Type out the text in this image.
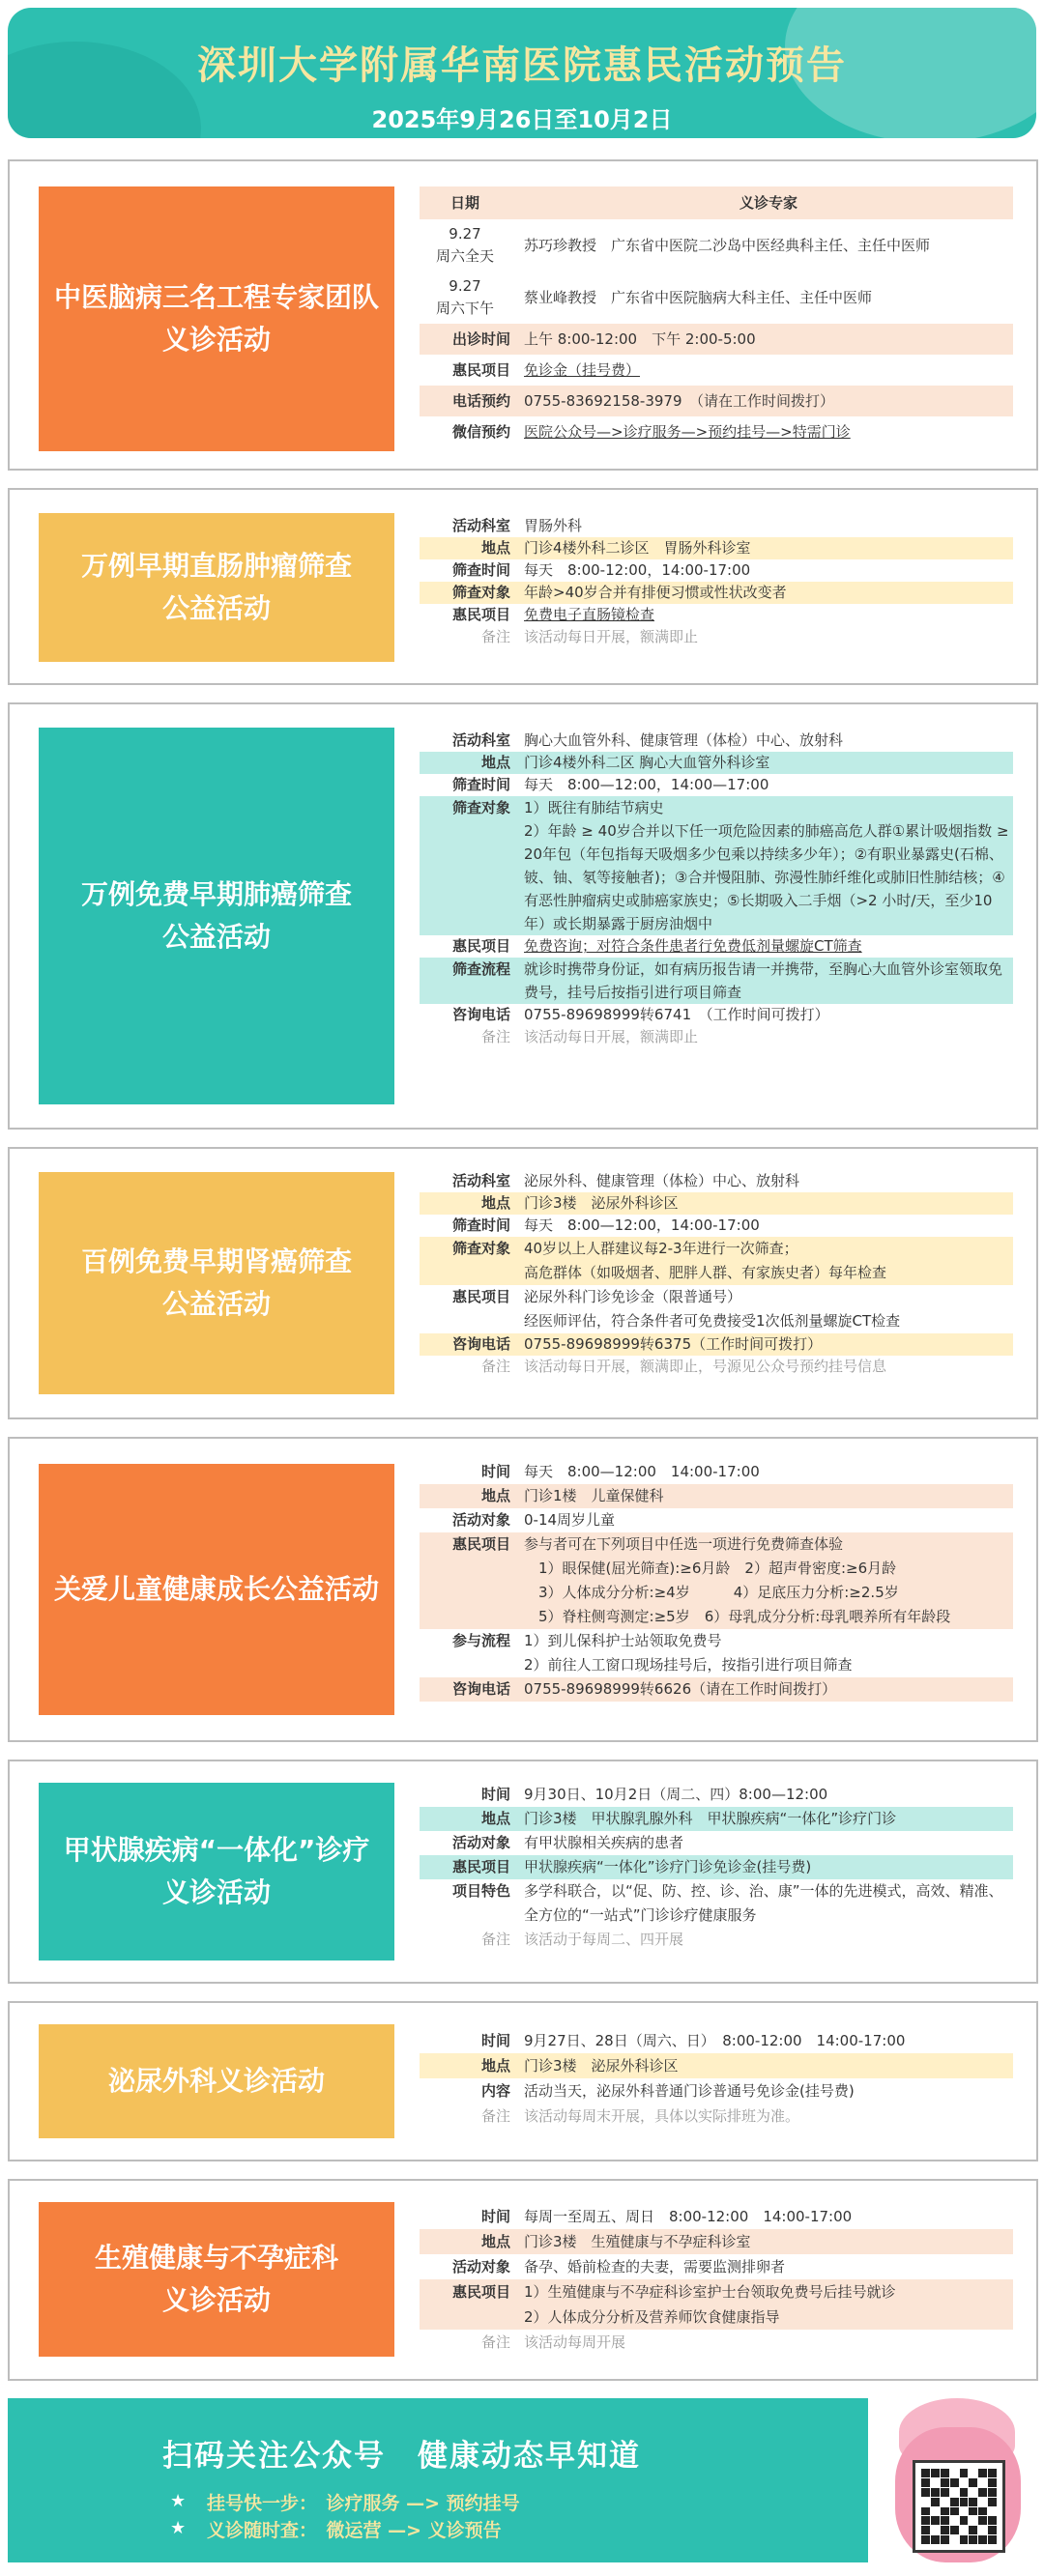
深圳大学附属华南医院惠民活动预告
2025年9月26日至10月2日
中医脑病三名工程专家团队
义诊活动
日期	义诊专家
9.27
周六全天
苏巧珍教授　广东省中医院二沙岛中医经典科主任、主任中医师
9.27
周六下午
蔡业峰教授　广东省中医院脑病大科主任、主任中医师
出诊时间 上午 8:00-12:00　下午 2:00-5:00
惠民项目 免诊金（挂号费）
电话预约 0755-83692158-3979　（请在工作时间拨打）
微信预约 医院公众号—>诊疗服务—>预约挂号—>特需门诊
万例早期直肠肿瘤筛查
公益活动
活动科室 胃肠外科
地点 门诊4楼外科二诊区　胃肠外科诊室
筛查时间 每天　8:00-12:00，14:00-17:00
筛查对象 年龄>40岁合并有排便习惯或性状改变者
惠民项目 免费电子直肠镜检查
备注 该活动每日开展，额满即止
万例免费早期肺癌筛查
公益活动
活动科室 胸心大血管外科、健康管理（体检）中心、放射科
地点 门诊4楼外科二区 胸心大血管外科诊室
筛查时间 每天　8:00—12:00，14:00—17:00
筛查对象 1）既往有肺结节病史
2）年龄 ≥ 40岁合并以下任一项危险因素的肺癌高危人群①累计吸烟指数 ≥ 20年包（年包指每天吸烟多少包乘以持续多少年）；②有职业暴露史(石棉、铍、铀、氡等接触者)；③合并慢阻肺、弥漫性肺纤维化或肺旧性肺结核；④有恶性肿瘤病史或肺癌家族史；⑤长期吸入二手烟（>2 小时/天，至少10年）或长期暴露于厨房油烟中
惠民项目 免费咨询；对符合条件患者行免费低剂量螺旋CT筛查
筛查流程 就诊时携带身份证，如有病历报告请一并携带，至胸心大血管外诊室领取免费号，挂号后按指引进行项目筛查
咨询电话 0755-89698999转6741　（工作时间可拨打）
备注 该活动每日开展，额满即止
百例免费早期肾癌筛查
公益活动
活动科室 泌尿外科、健康管理（体检）中心、放射科
地点 门诊3楼　泌尿外科诊区
筛查时间 每天　8:00—12:00，14:00-17:00
筛查对象 40岁以上人群建议每2-3年进行一次筛查；
高危群体（如吸烟者、肥胖人群、有家族史者）每年检查
惠民项目 泌尿外科门诊免诊金（限普通号）
经医师评估，符合条件者可免费接受1次低剂量螺旋CT检查
咨询电话 0755-89698999转6375（工作时间可拨打）
备注 该活动每日开展，额满即止，号源见公众号预约挂号信息
关爱儿童健康成长公益活动
时间 每天　8:00—12:00　14:00-17:00
地点 门诊1楼　儿童保健科
活动对象 0-14周岁儿童
惠民项目 参与者可在下列项目中任选一项进行免费筛查体验
　1）眼保健(屈光筛查):≥6月龄　2）超声骨密度:≥6月龄
　3）人体成分分析:≥4岁　　　4）足底压力分析:≥2.5岁
　5）脊柱侧弯测定:≥5岁　6）母乳成分分析:母乳喂养所有年龄段
参与流程 1）到儿保科护士站领取免费号
2）前往人工窗口现场挂号后，按指引进行项目筛查
咨询电话 0755-89698999转6626（请在工作时间拨打）
甲状腺疾病“一体化”诊疗
义诊活动
时间 9月30日、10月2日（周二、四）8:00—12:00
地点 门诊3楼　甲状腺乳腺外科　甲状腺疾病“一体化”诊疗门诊
活动对象 有甲状腺相关疾病的患者
惠民项目 甲状腺疾病“一体化”诊疗门诊免诊金(挂号费)
项目特色 多学科联合，以“促、防、控、诊、治、康”一体的先进模式，高效、精准、全方位的“一站式”门诊诊疗健康服务
备注 该活动于每周二、四开展
泌尿外科义诊活动
时间 9月27日、28日（周六、日）　8:00-12:00　14:00-17:00
地点 门诊3楼　泌尿外科诊区
内容 活动当天，泌尿外科普通门诊普通号免诊金(挂号费)
备注 该活动每周末开展，具体以实际排班为准。
生殖健康与不孕症科
义诊活动
时间 每周一至周五、周日　8:00-12:00　14:00-17:00
地点 门诊3楼　生殖健康与不孕症科诊室
活动对象 备孕、婚前检查的夫妻，需要监测排卵者
惠民项目 1）生殖健康与不孕症科诊室护士台领取免费号后挂号就诊
2）人体成分分析及营养师饮食健康指导
备注 该活动每周开展
扫码关注公众号　健康动态早知道
★ 挂号快一步：　诊疗服务 —> 预约挂号
★ 义诊随时查：　微运营 —> 义诊预告
